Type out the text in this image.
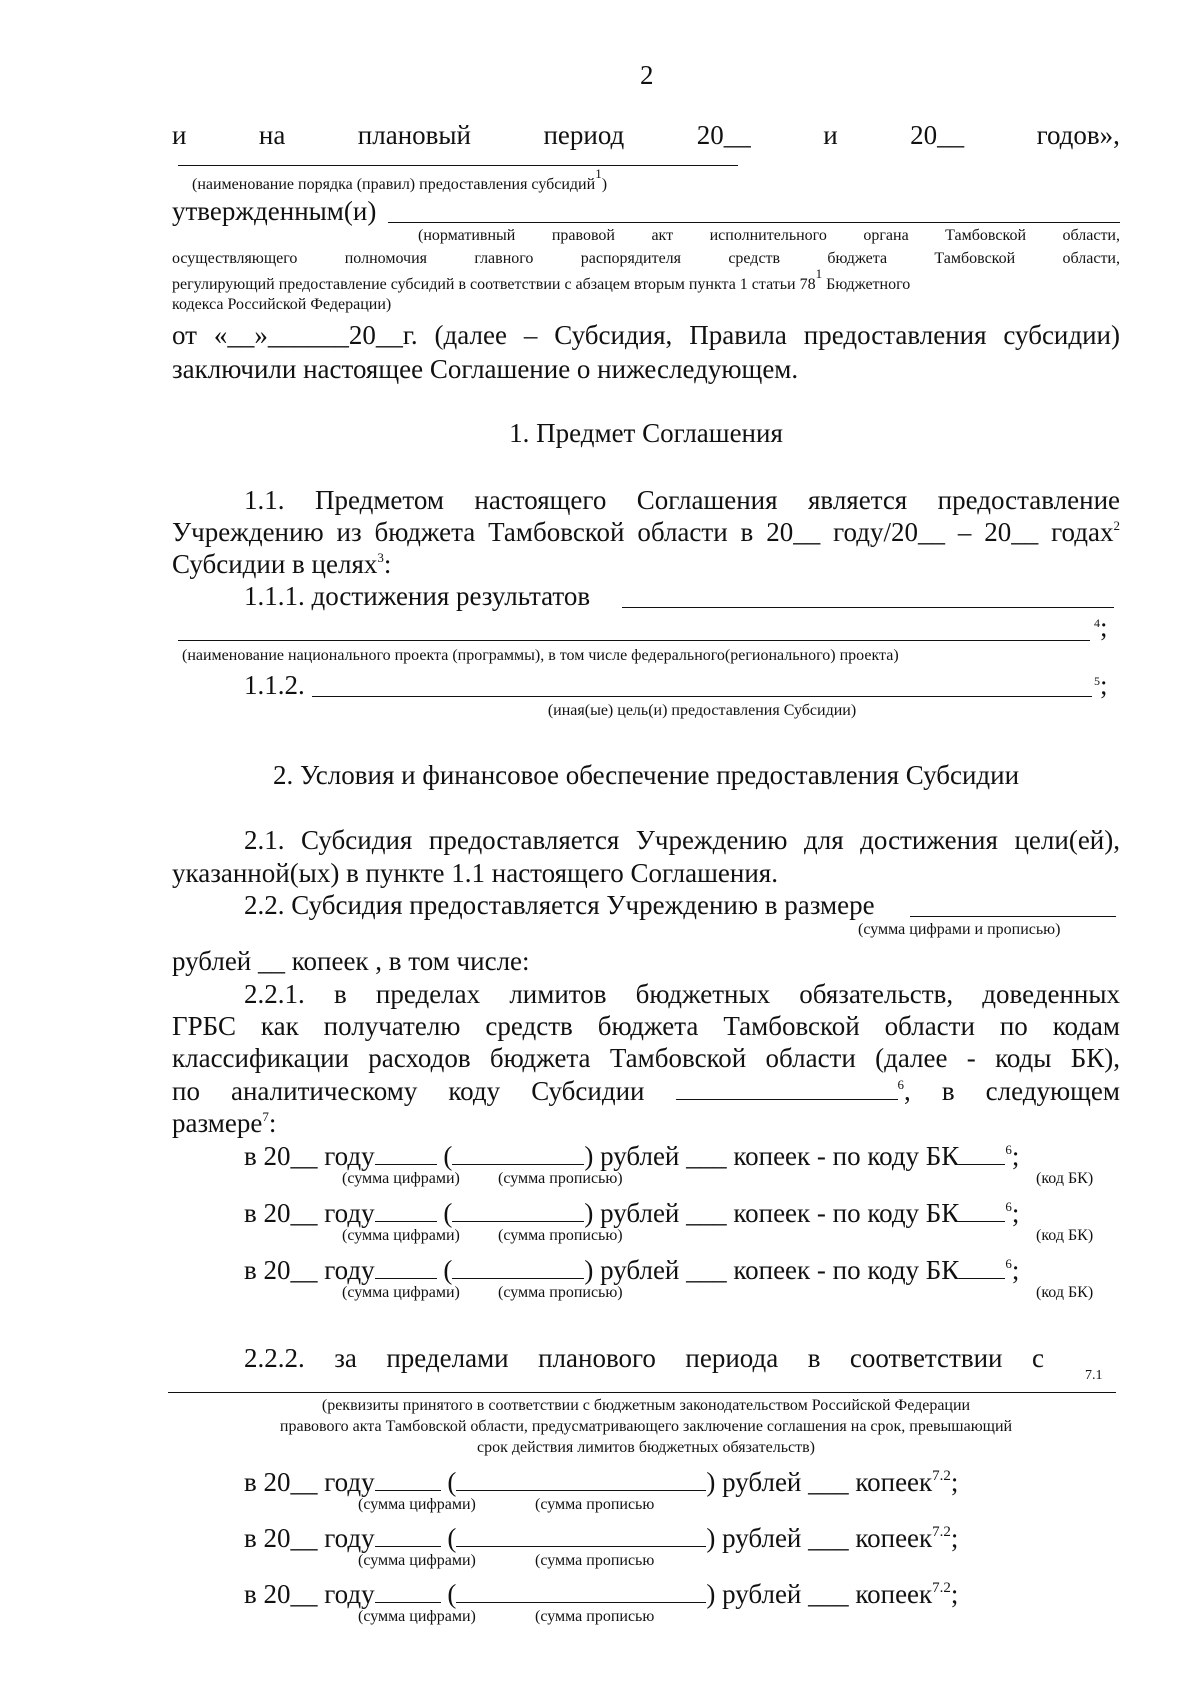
2
и	на	плановый	период	20__	и	20__	годов»,
(наименование порядка (правил) предоставления субсидий$^1$)
утвержденным(и)
(нормативный правовой акт исполнительного органа Тамбовской области,
осуществляющего полномочия главного распорядителя средств бюджета Тамбовской области,
регулирующий предоставление субсидий в соответствии с абзацем вторым пункта 1 статьи $78^1$ Бюджетного
кодекса Российской Федерации)
от «__»______20__г. (далее – Субсидия, Правила предоставления субсидии)
заключили настоящее Соглашение о нижеследующем.
1. Предмет Соглашения
1.1. Предметом настоящего Соглашения является предоставление
Учреждению из бюджета Тамбовской области в 20__ году/20__ – 20__ годах$^2$
Субсидии в целях$^3$:
1.1.1. достижения результатов
$^4$;
(наименование национального проекта (программы), в том числе федерального(регионального) проекта)
1.1.2.	$^5$;
(иная(ые) цель(и) предоставления Субсидии)
2. Условия и финансовое обеспечение предоставления Субсидии
2.1. Субсидия предоставляется Учреждению для достижения цели(ей),
указанной(ых) в пункте 1.1 настоящего Соглашения.
2.2. Субсидия предоставляется Учреждению в размере
(сумма цифрами и прописью)
рублей __ копеек , в том числе:
2.2.1. в пределах лимитов бюджетных обязательств, доведенных
ГРБС как получателю средств бюджета Тамбовской области по кодам
классификации расходов бюджета Тамбовской области (далее - коды БК),
по аналитическому коду Субсидии	$^6$, в следующем
размере$^7$:
в 20__ году	(	) рублей ___ копеек - по коду БК	$^6$;
(сумма цифрами) (сумма прописью)	(код БК)
в 20__ году	(	) рублей ___ копеек - по коду БК	$^6$;
(сумма цифрами) (сумма прописью)	(код БК)
в 20__ году	(	) рублей ___ копеек - по коду БК	$^6$;
(сумма цифрами) (сумма прописью)	(код БК)
2.2.2. за пределами планового периода в соответствии с
7.1
(реквизиты принятого в соответствии с бюджетным законодательством Российской Федерации
правового акта Тамбовской области, предусматривающего заключение соглашения на срок, превышающий
срок действия лимитов бюджетных обязательств)
в 20__ году	(	) рублей ___ копеек$^{7.2}$;
(сумма цифрами)	(сумма прописью
в 20__ году	(	) рублей ___ копеек$^{7.2}$;
(сумма цифрами)	(сумма прописью
в 20__ году	(	) рублей ___ копеек$^{7.2}$;
(сумма цифрами)	(сумма прописью
